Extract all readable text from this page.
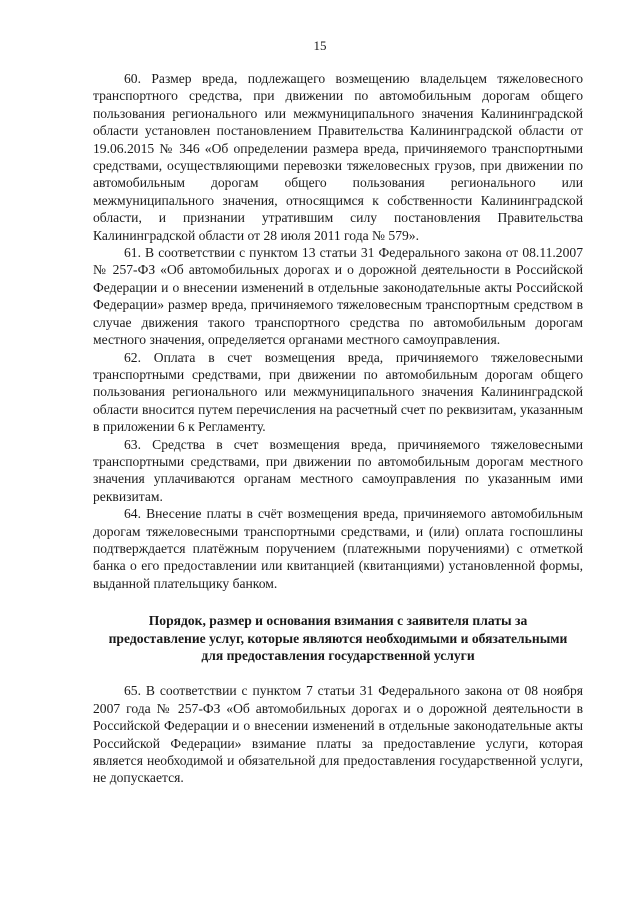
15

60. Размер вреда, подлежащего возмещению владельцем тяжеловесного транспортного средства, при движении по автомобильным дорогам общего пользования регионального или межмуниципального значения Калининградской области установлен постановлением Правительства Калининградской области от 19.06.2015 № 346 «Об определении размера вреда, причиняемого транспортными средствами, осуществляющими перевозки тяжеловесных грузов, при движении по автомобильным дорогам общего пользования регионального или межмуниципального значения, относящимся к собственности Калининградской области, и признании утратившим силу постановления Правительства Калининградской области от 28 июля 2011 года № 579».

61. В соответствии с пунктом 13 статьи 31 Федерального закона от 08.11.2007 № 257-ФЗ «Об автомобильных дорогах и о дорожной деятельности в Российской Федерации и о внесении изменений в отдельные законодательные акты Российской Федерации» размер вреда, причиняемого тяжеловесным транспортным средством в случае движения такого транспортного средства по автомобильным дорогам местного значения, определяется органами местного самоуправления.

62. Оплата в счет возмещения вреда, причиняемого тяжеловесными транспортными средствами, при движении по автомобильным дорогам общего пользования регионального или межмуниципального значения Калининградской области вносится путем перечисления на расчетный счет по реквизитам, указанным в приложении 6 к Регламенту.

63. Средства в счет возмещения вреда, причиняемого тяжеловесными транспортными средствами, при движении по автомобильным дорогам местного значения уплачиваются органам местного самоуправления по указанным ими реквизитам.

64. Внесение платы в счёт возмещения вреда, причиняемого автомобильным дорогам тяжеловесными транспортными средствами, и (или) оплата госпошлины подтверждается платёжным поручением (платежными поручениями) с отметкой банка о его предоставлении или квитанцией (квитанциями) установленной формы, выданной плательщику банком.

Порядок, размер и основания взимания с заявителя платы за предоставление услуг, которые являются необходимыми и обязательными для предоставления государственной услуги

65. В соответствии с пунктом 7 статьи 31 Федерального закона от 08 ноября 2007 года № 257-ФЗ «Об автомобильных дорогах и о дорожной деятельности в Российской Федерации и о внесении изменений в отдельные законодательные акты Российской Федерации» взимание платы за предоставление услуги, которая является необходимой и обязательной для предоставления государственной услуги, не допускается.
